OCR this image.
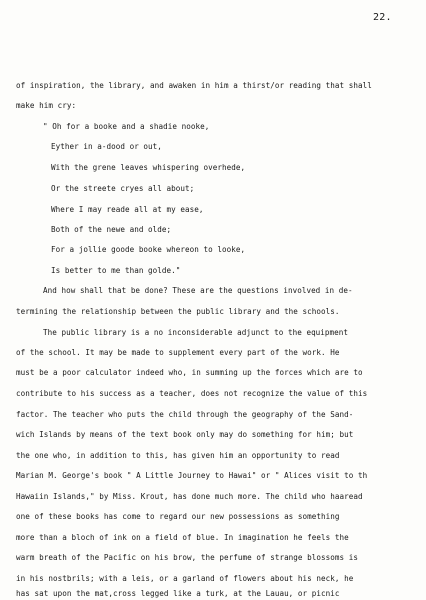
22.
of inspiration, the library, and awaken in him a thirst/or reading that shall
make him cry:
" Oh for a booke and a shadie nooke,
Eyther in a-dood or out,
With the grene leaves whispering overhede,
Or the streete cryes all about;
Where I may reade all at my ease,
Both of the newe and olde;
For a jollie goode booke whereon to looke,
Is better to me than golde."
And how shall that be done? These are the questions involved in de-
termining the relationship between the public library and the schools.
The public library is a no inconsiderable adjunct to the equipment
of the school. It may be made to supplement every part of the work. He
must be a poor calculator indeed who, in summing up the forces which are to
contribute to his success as a teacher, does not recognize the value of this
factor. The teacher who puts the child through the geography of the Sand-
wich Islands by means of the text book only may do something for him; but
the one who, in addition to this, has given him an opportunity to read
Marian M. George's book " A Little Journey to Hawai" or " Alices visit to th
Hawaiin Islands," by Miss. Krout, has done much more. The child who haaread
one of these books has come to regard our new possessions as something
more than a bloch of ink on a field of blue. In imagination he feels the
warm breath of the Pacific on his brow, the perfume of strange blossoms is
in his nostbrils; with a leis, or a garland of flowers about his neck, he
has sat upon the mat,cross legged like a turk, at the Lauau, or picnic
